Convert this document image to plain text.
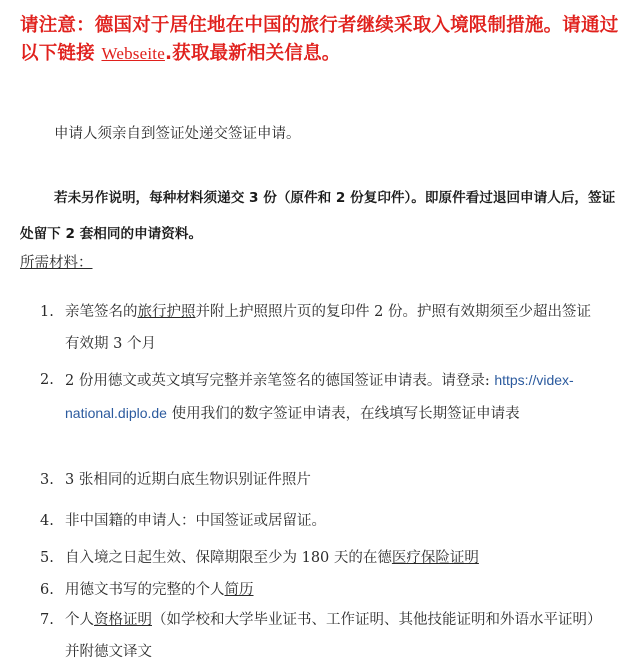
请注意：德国对于居住地在中国的旅行者继续采取入境限制措施。请通过以下链接 Webseite.获取最新相关信息。
申请人须亲自到签证处递交签证申请。
若未另作说明，每种材料须递交 3 份（原件和 2 份复印件）。即原件看过退回申请人后，签证处留下 2 套相同的申请资料。
所需材料：
1. 亲笔签名的旅行护照并附上护照照片页的复印件 2 份。护照有效期须至少超出签证有效期 3 个月
2. 2 份用德文或英文填写完整并亲笔签名的德国签证申请表。请登录: https://videx-national.diplo.de 使用我们的数字签证申请表，在线填写长期签证申请表
3. 3 张相同的近期白底生物识别证件照片
4. 非中国籍的申请人：中国签证或居留证。
5. 自入境之日起生效、保障期限至少为 180 天的在德医疗保险证明
6. 用德文书写的完整的个人简历
7. 个人资格证明（如学校和大学毕业证书、工作证明、其他技能证明和外语水平证明）并附德文译文
